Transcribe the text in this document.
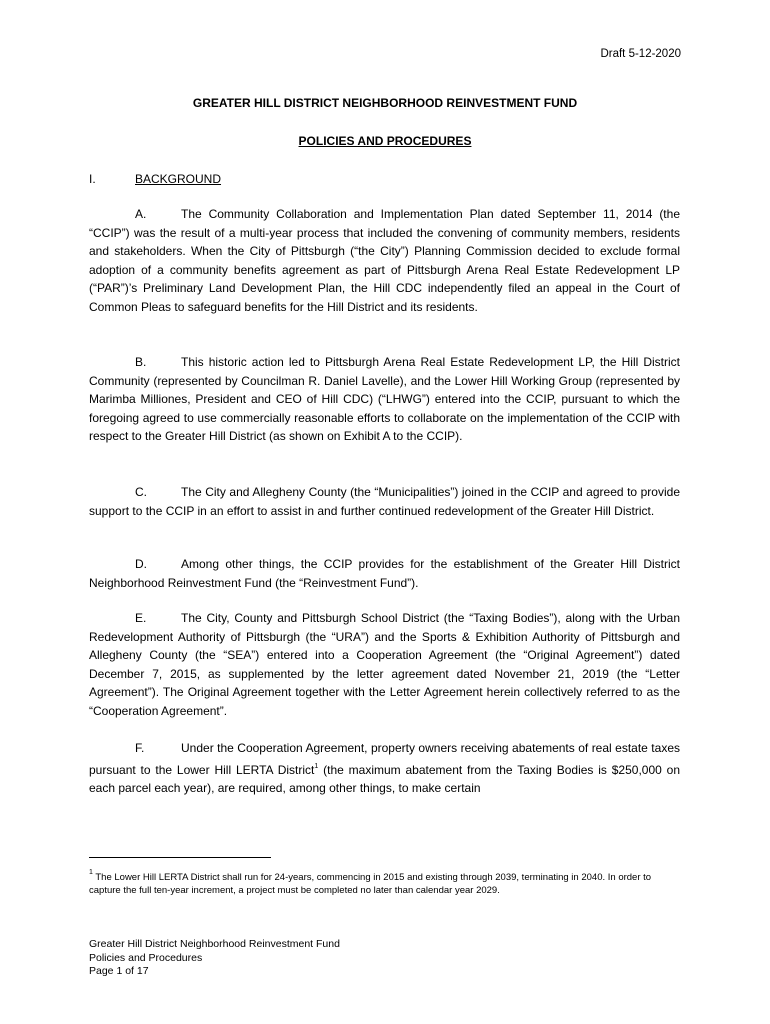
Draft 5-12-2020
GREATER HILL DISTRICT NEIGHBORHOOD REINVESTMENT FUND
POLICIES AND PROCEDURES
I.	BACKGROUND

A.	The Community Collaboration and Implementation Plan dated September 11, 2014 (the “CCIP”) was the result of a multi-year process that included the convening of community members, residents and stakeholders. When the City of Pittsburgh (“the City”) Planning Commission decided to exclude formal adoption of a community benefits agreement as part of Pittsburgh Arena Real Estate Redevelopment LP (“PAR”)’s Preliminary Land Development Plan, the Hill CDC independently filed an appeal in the Court of Common Pleas to safeguard benefits for the Hill District and its residents.

B.	This historic action led to Pittsburgh Arena Real Estate Redevelopment LP, the Hill District Community (represented by Councilman R. Daniel Lavelle), and the Lower Hill Working Group (represented by Marimba Milliones, President and CEO of Hill CDC) (“LHWG”) entered into the CCIP, pursuant to which the foregoing agreed to use commercially reasonable efforts to collaborate on the implementation of the CCIP with respect to the Greater Hill District (as shown on Exhibit A to the CCIP).

C.	The City and Allegheny County (the “Municipalities”) joined in the CCIP and agreed to provide support to the CCIP in an effort to assist in and further continued redevelopment of the Greater Hill District.

D.	Among other things, the CCIP provides for the establishment of the Greater Hill District Neighborhood Reinvestment Fund (the “Reinvestment Fund”).

E.	The City, County and Pittsburgh School District (the “Taxing Bodies”), along with the Urban Redevelopment Authority of Pittsburgh (the “URA”) and the Sports & Exhibition Authority of Pittsburgh and Allegheny County (the “SEA”) entered into a Cooperation Agreement (the “Original Agreement”) dated December 7, 2015, as supplemented by the letter agreement dated November 21, 2019 (the “Letter Agreement”). The Original Agreement together with the Letter Agreement herein collectively referred to as the “Cooperation Agreement”.

F.	Under the Cooperation Agreement, property owners receiving abatements of real estate taxes pursuant to the Lower Hill LERTA District$^1$ (the maximum abatement from the Taxing Bodies is $250,000 on each parcel each year), are required, among other things, to make certain

$^1$ The Lower Hill LERTA District shall run for 24-years, commencing in 2015 and existing through 2039, terminating in 2040. In order to capture the full ten-year increment, a project must be completed no later than calendar year 2029.

Greater Hill District Neighborhood Reinvestment Fund
Policies and Procedures
Page 1 of 17
